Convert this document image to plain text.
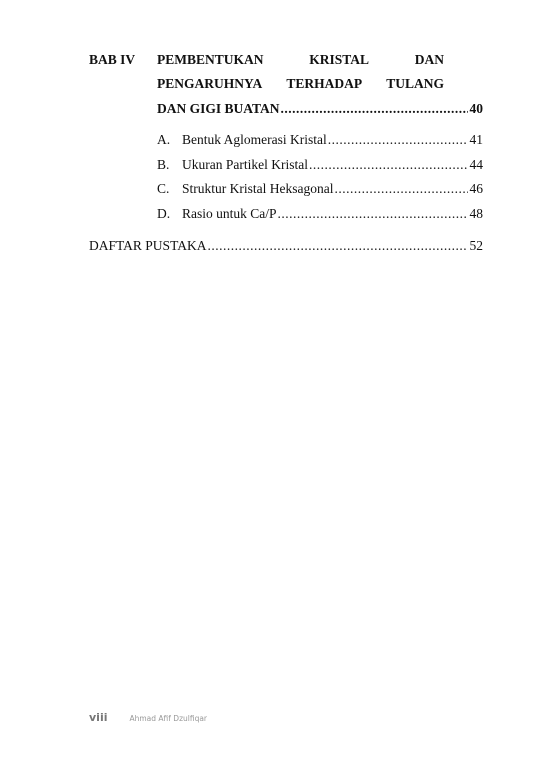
BAB IV PEMBENTUKAN	KRISTAL	DAN
PENGARUHNYA TERHADAP TULANG
DAN GIGI BUATAN .....	40
A. Bentuk Aglomerasi Kristal .....	41
B. Ukuran Partikel Kristal .....	44
C. Struktur Kristal Heksagonal .....	46
D. Rasio untuk Ca/P .....	48
DAFTAR PUSTAKA .....	52
viii	Ahmad Afif Dzulfiqar
